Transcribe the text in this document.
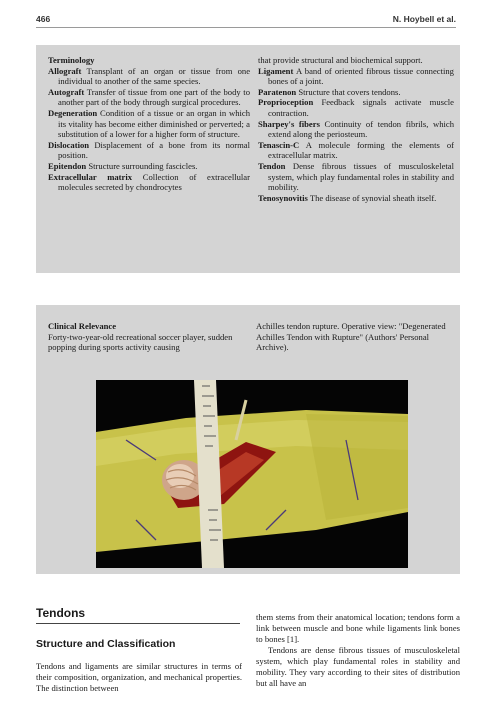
466	N. Hoybell et al.
Terminology
Allograft Transplant of an organ or tissue from one individual to another of the same species.
Autograft Transfer of tissue from one part of the body to another part of the body through surgical procedures.
Degeneration Condition of a tissue or an organ in which its vitality has become either diminished or perverted; a substitution of a lower for a higher form of structure.
Dislocation Displacement of a bone from its normal position.
Epitendon Structure surrounding fascicles.
Extracellular matrix Collection of extracellular molecules secreted by chondrocytes
that provide structural and biochemical support.
Ligament A band of oriented fibrous tissue connecting bones of a joint.
Paratenon Structure that covers tendons.
Proprioception Feedback signals activate muscle contraction.
Sharpey's fibers Continuity of tendon fibrils, which extend along the periosteum.
Tenascin-C A molecule forming the elements of extracellular matrix.
Tendon Dense fibrous tissues of musculoskeletal system, which play fundamental roles in stability and mobility.
Tenosynovitis The disease of synovial sheath itself.
Clinical Relevance
Forty-two-year-old recreational soccer player, sudden popping during sports activity causing
Achilles tendon rupture. Operative view: "Degenerated Achilles Tendon with Rupture" (Authors' Personal Archive).
Tendons
Structure and Classification
Tendons and ligaments are similar structures in terms of their composition, organization, and mechanical properties. The distinction between

them stems from their anatomical location; tendons form a link between muscle and bone while ligaments link bones to bones [1].

Tendons are dense fibrous tissues of musculoskeletal system, which play fundamental roles in stability and mobility. They vary according to their sites of distribution but all have an
